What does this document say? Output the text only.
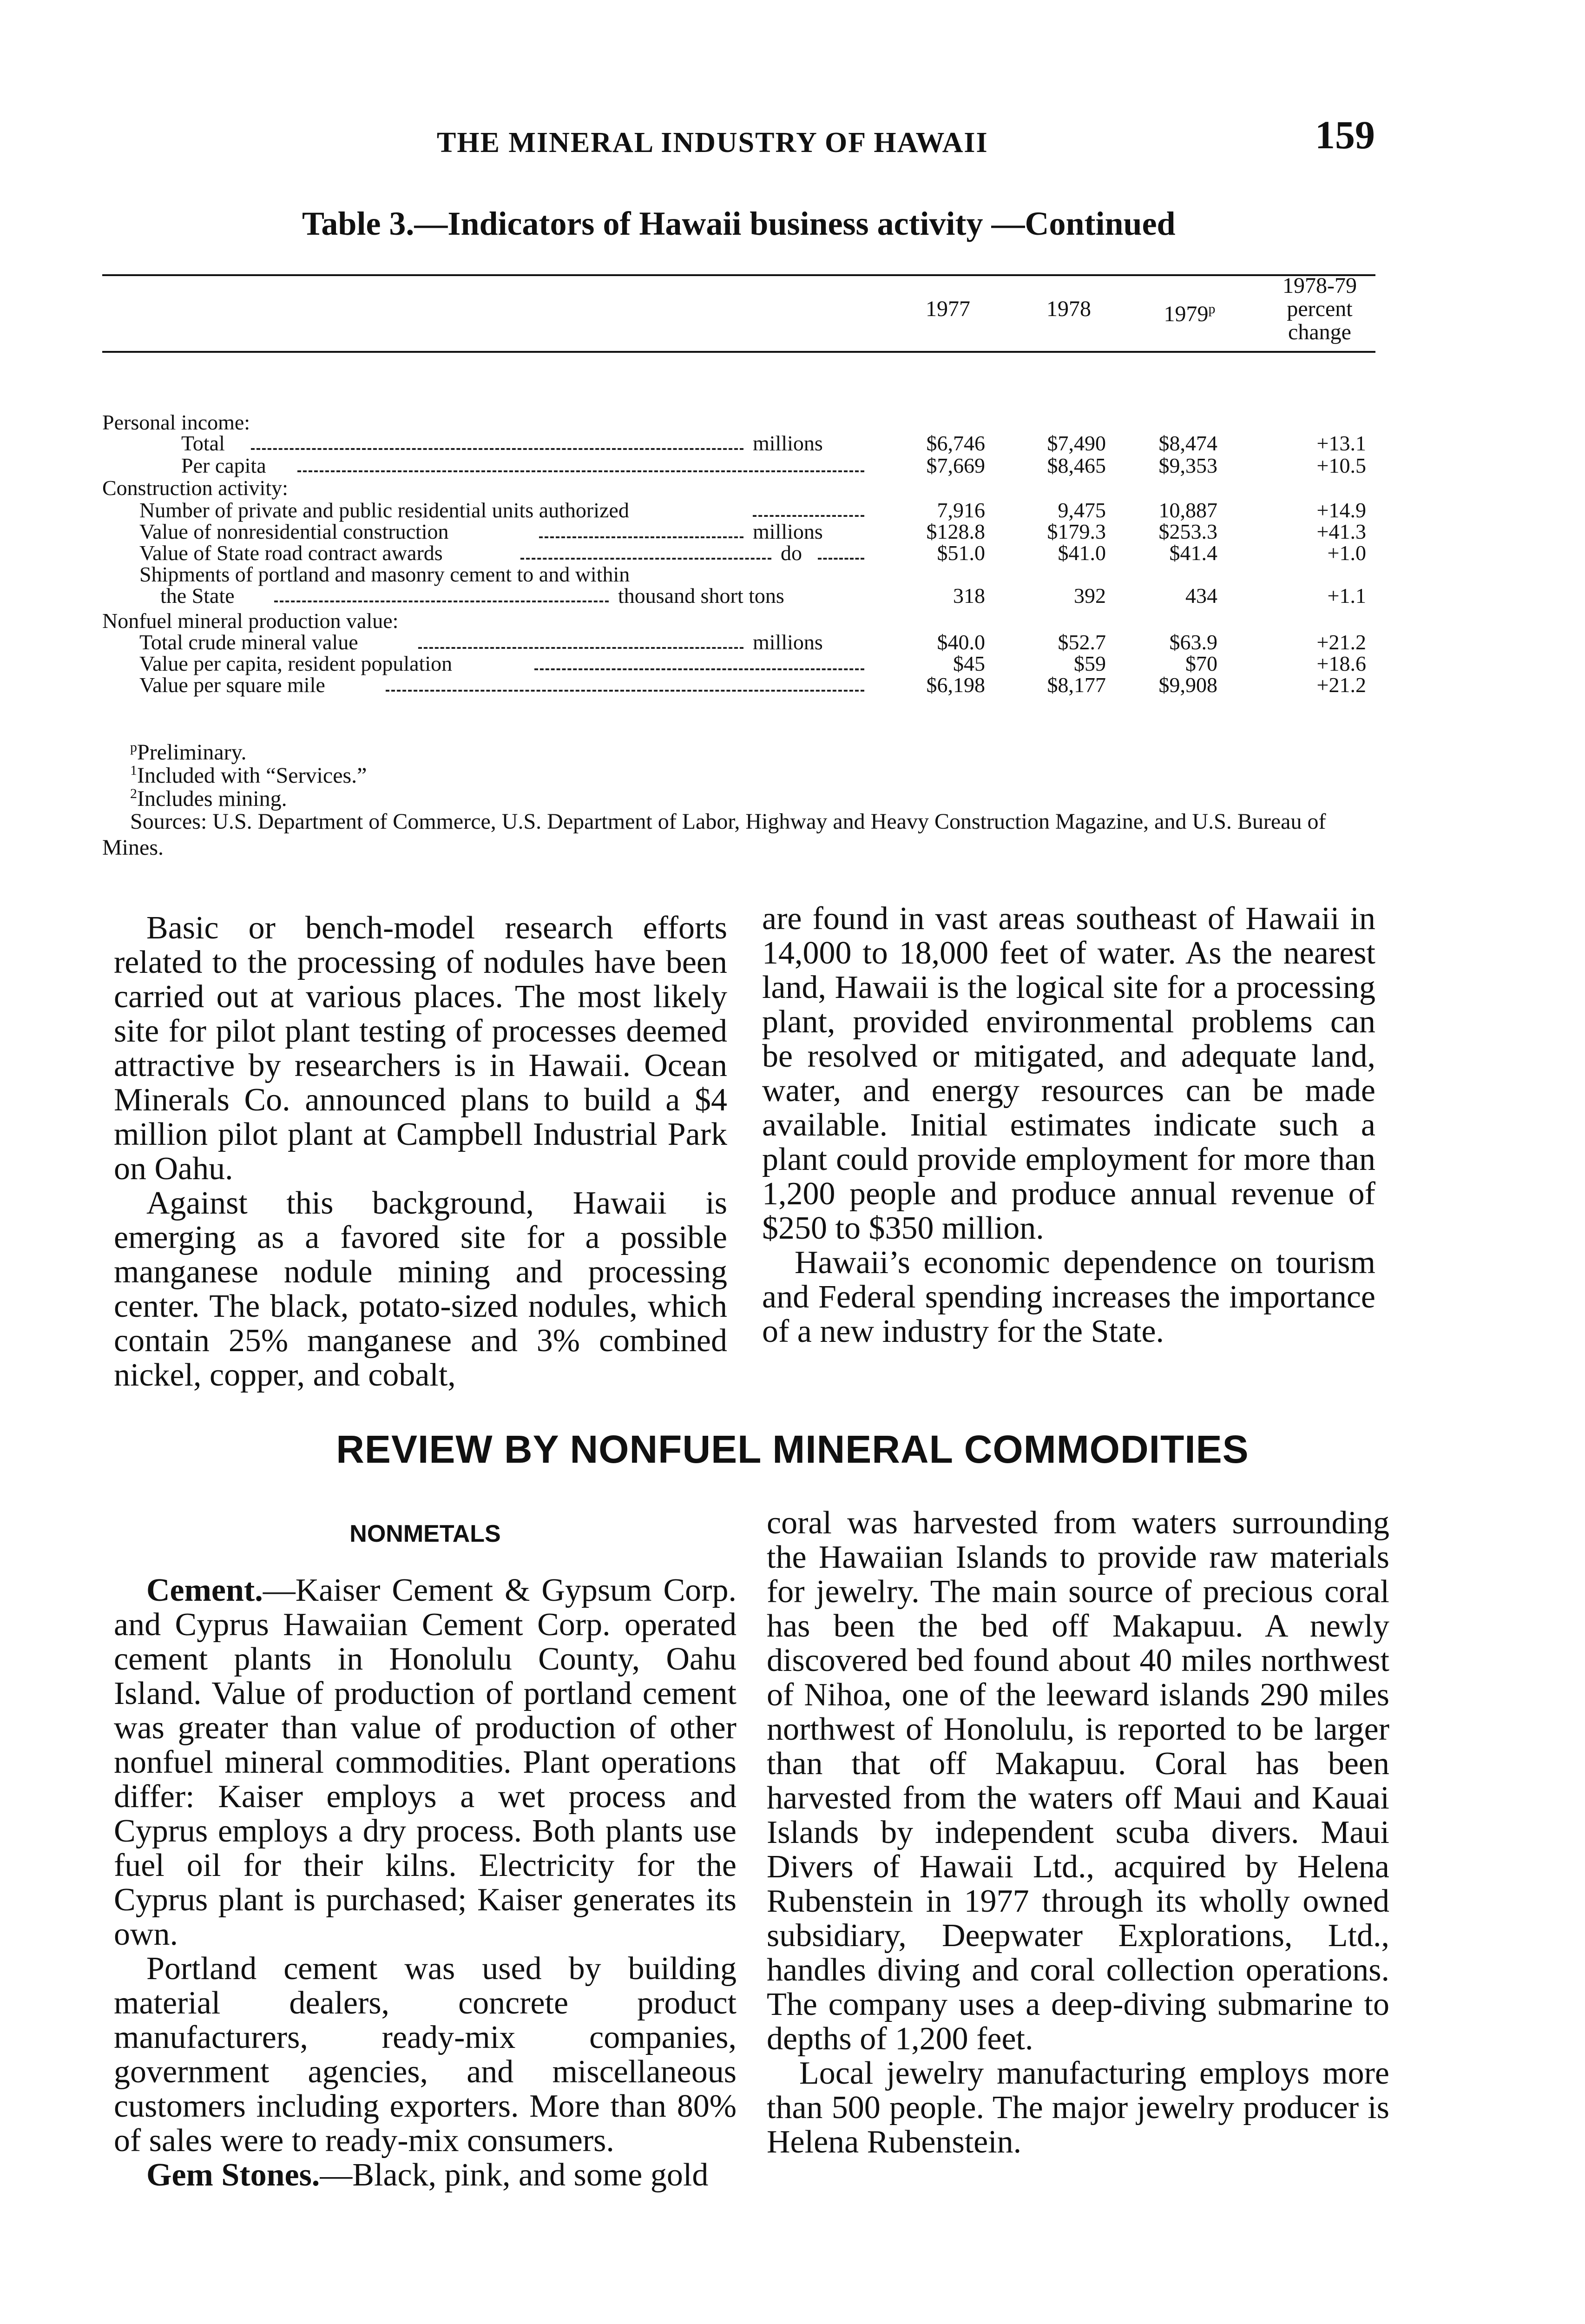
THE MINERAL INDUSTRY OF HAWAII	159
Table 3.—Indicators of Hawaii business activity —Continued
1977	1978	1979$^p$
1978-79
percent
change
Personal income:
Total	millions	$6,746	$7,490	$8,474	+13.1
Per capita	$7,669	$8,465	$9,353	+10.5
Construction activity:
Number of private and public residential units authorized	7,916	9,475	10,887	+14.9
Value of nonresidential construction	millions	$128.8	$179.3	$253.3	+41.3
Value of State road contract awards	do	$51.0	$41.0	$41.4	+1.0
Shipments of portland and masonry cement to and within
the State	thousand short tons	318	392	434	+1.1
Nonfuel mineral production value:
Total crude mineral value	millions	$40.0	$52.7	$63.9	+21.2
Value per capita, resident population	$45	$59	$70	+18.6
Value per square mile	$6,198	$8,177	$9,908	+21.2
$^p$Preliminary.
$^1$Included with “Services.”
$^2$Includes mining.
Sources: U.S. Department of Commerce, U.S. Department of Labor, Highway and Heavy Construction Magazine, and U.S. Bureau of Mines.

Basic or bench-model research efforts related to the processing of nodules have been carried out at various places. The most likely site for pilot plant testing of processes deemed attractive by researchers is in Hawaii. Ocean Minerals Co. announced plans to build a $4 million pilot plant at Campbell Industrial Park on Oahu.

Against this background, Hawaii is emerging as a favored site for a possible manganese nodule mining and processing center. The black, potato-sized nodules, which contain 25% manganese and 3% combined nickel, copper, and cobalt,

are found in vast areas southeast of Hawaii in 14,000 to 18,000 feet of water. As the nearest land, Hawaii is the logical site for a processing plant, provided environmental problems can be resolved or mitigated, and adequate land, water, and energy resources can be made available. Initial estimates indicate such a plant could provide employment for more than 1,200 people and produce annual revenue of $250 to $350 million.

Hawaii’s economic dependence on tourism and Federal spending increases the importance of a new industry for the State.

REVIEW BY NONFUEL MINERAL COMMODITIES
NONMETALS

Cement.—Kaiser Cement & Gypsum Corp. and Cyprus Hawaiian Cement Corp. operated cement plants in Honolulu County, Oahu Island. Value of production of portland cement was greater than value of production of other nonfuel mineral commodities. Plant operations differ: Kaiser employs a wet process and Cyprus employs a dry process. Both plants use fuel oil for their kilns. Electricity for the Cyprus plant is purchased; Kaiser generates its own.

Portland cement was used by building material dealers, concrete product manufacturers, ready-mix companies, government agencies, and miscellaneous customers including exporters. More than 80% of sales were to ready-mix consumers.

Gem Stones.—Black, pink, and some gold

coral was harvested from waters surrounding the Hawaiian Islands to provide raw materials for jewelry. The main source of precious coral has been the bed off Makapuu. A newly discovered bed found about 40 miles northwest of Nihoa, one of the leeward islands 290 miles northwest of Honolulu, is reported to be larger than that off Makapuu. Coral has been harvested from the waters off Maui and Kauai Islands by independent scuba divers. Maui Divers of Hawaii Ltd., acquired by Helena Rubenstein in 1977 through its wholly owned subsidiary, Deepwater Explorations, Ltd., handles diving and coral collection operations. The company uses a deep-diving submarine to depths of 1,200 feet.

Local jewelry manufacturing employs more than 500 people. The major jewelry producer is Helena Rubenstein.
